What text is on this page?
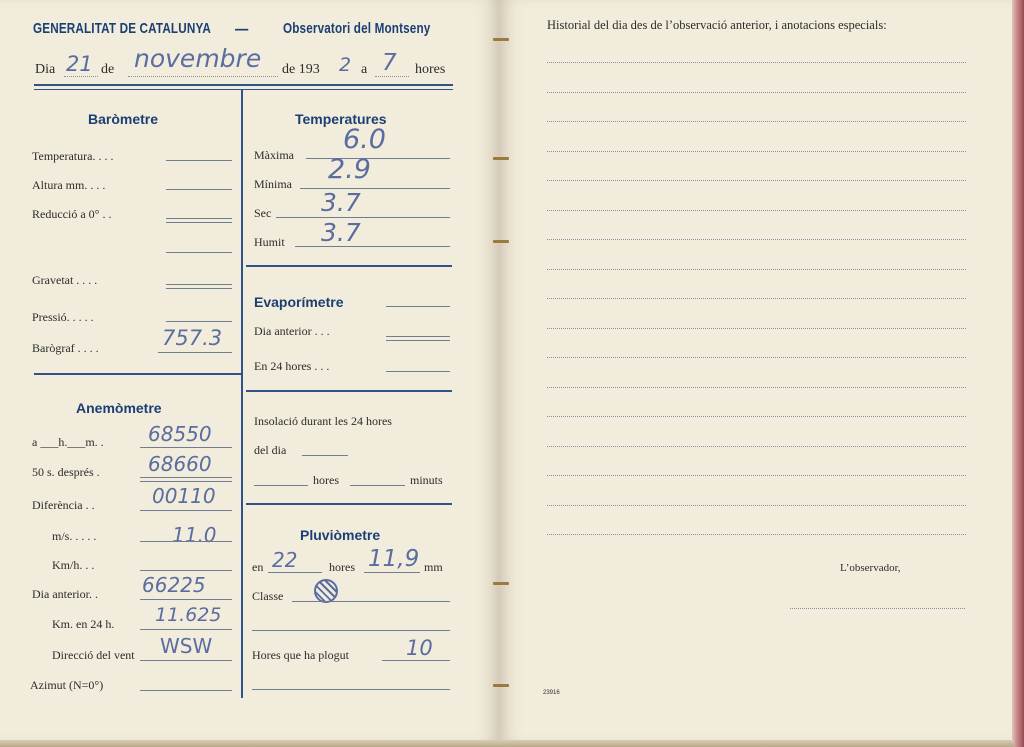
GENERALITAT DE CATALUNYA — Observatori del Montseny
Dia 21 de novembre de 193 2 a 7 hores
Baròmetre
Temperatura. . . .
Altura mm. . . .
Reducció a 0° . .
Gravetat . . . .
Pressió. . . . .
Barògraf . . . .	757.3
Anemòmetre
a ___h.___m. . 68550
50 s. després . 68660
Diferència . .	00110
m/s. . . . .	11.0
Km/h. . .
Dia anterior. . 66225
Km. en 24 h. 11.625
Direcció del vent WSW
Azimut (N=0°)
Temperatures
Màxima 6.0
Mínima 2.9
Sec 3.7
Humit 3.7
Evaporímetre
Dia anterior . . .
En 24 hores . . .
Insolació durant les 24 hores
del dia
hores	minuts
Pluviòmetre
en 22	hores 11,9 mm
Classe
Hores que ha plogut	10
Historial del dia des de l’observació anterior, i anotacions especials:
L’observador,
23916
